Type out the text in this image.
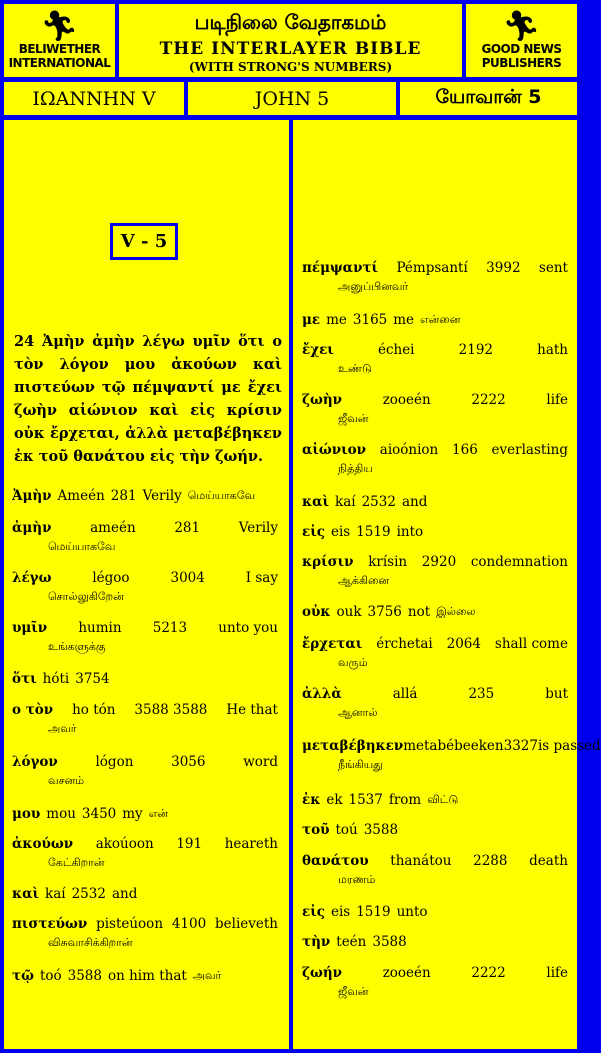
🏃︎
BELIWETHER
INTERNATIONAL
படிநிலை வேதாகமம்
THE INTERLAYER BIBLE
(WITH STRONG'S NUMBERS)
🏃︎
GOOD NEWS
PUBLISHERS
ΙΩΑΝΝΗΝ V	JOHN 5	யோவான் 5
V - 5
24 Ἀμὴν ἀμὴν λέγω υμῖν ὅτι ο τὸν λόγον μου ἀκούων καὶ πιστεύων τῷ πέμψαντί με ἔχει ζωὴν αἰώνιον καὶ εἰς κρίσιν οὐκ ἔρχεται, ἀλλὰ μεταβέβηκεν ἐκ τοῦ θανάτου εἰς τὴν ζωήν.
Ἀμὴν Ameén 281 Verily மெய்யாகவே
ἀμὴν	ameén	281	Verily
மெய்யாகவே
λέγω	légoo	3004	I say
சொல்லுகிறேன்
υμῖν humin 5213 unto you
உங்களுக்கு
ὅτι hóti 3754
ο τὸν ho tón 3588 3588 He that
அவர்
λόγον	lógon	3056	word
வசனம்
μου mou 3450 my என்
ἀκούων akoúoon 191 heareth
கேட்கிறான்
καὶ kaí 2532 and
πιστεύων pisteúoon 4100 believeth
விசுவாசிக்கிறான்
τῷ toó 3588 on him that அவர்
πέμψαντί Pémpsantí 3992 sent
அனுப்பினவர்
με me 3165 me என்னை
ἔχει	échei	2192	hath
உண்டு
ζωὴν	zooeén	2222	life
ஜீவன்
αἰώνιον aioónion 166 everlasting
நித்திய
καὶ kaí 2532 and
εἰς eis 1519 into
κρίσιν krísin 2920 condemnation
ஆக்கினை
οὐκ ouk 3756 not இல்லை
ἔρχεται érchetai 2064 shall come
வரும்
ἀλλὰ	allá	235	but
ஆனால்
μεταβέβηκεν metabébeeken 3327 is passed
நீங்கியது
ἐκ ek 1537 from விட்டு
τοῦ toú 3588
θανάτου thanátou 2288 death
மரணம்
εἰς eis 1519 unto
τὴν teén 3588
ζωήν	zooeén	2222	life
ஜீவன்
